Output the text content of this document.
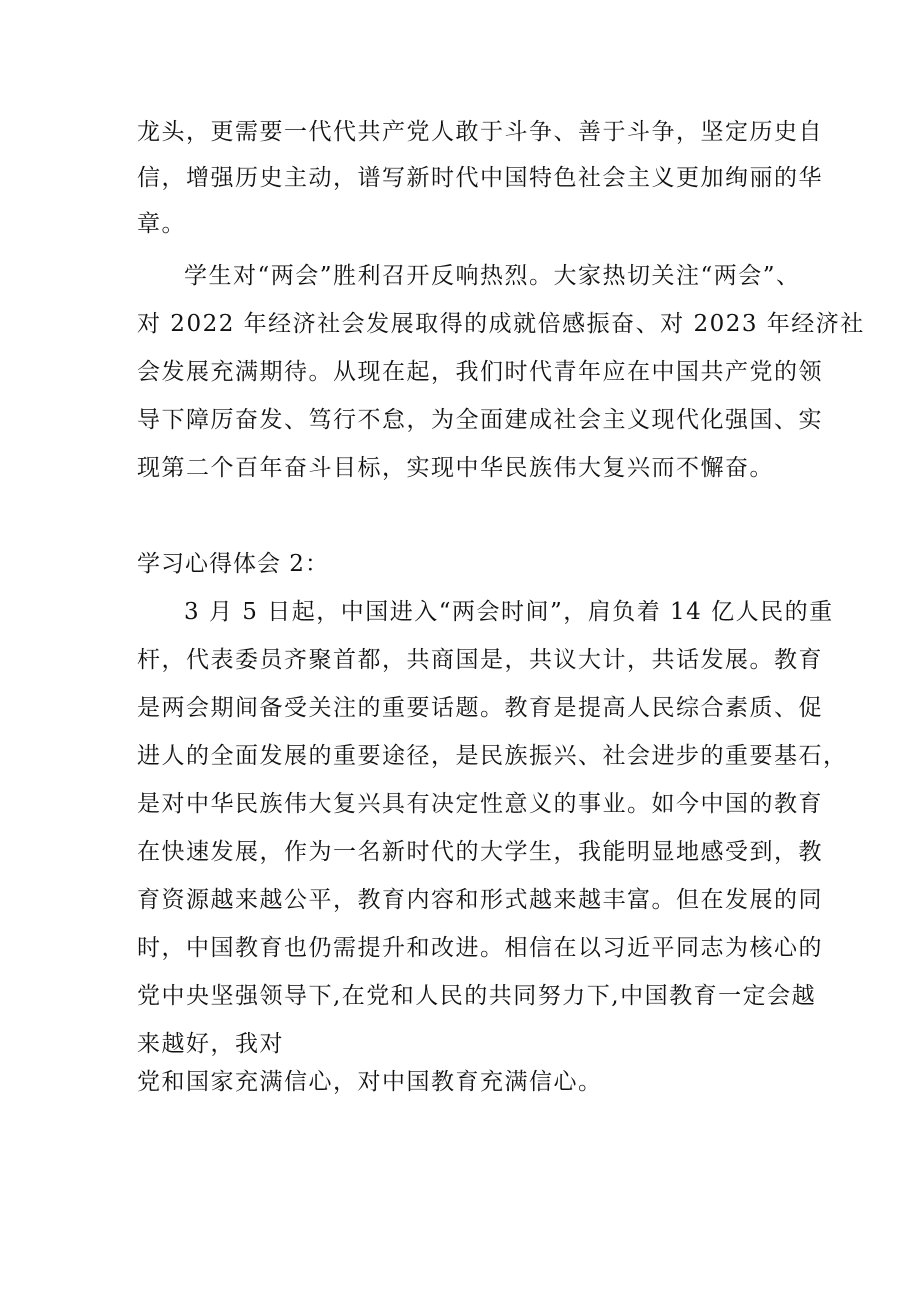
龙头，更需要一代代共产党人敢于斗争、善于斗争，坚定历史自
信，增强历史主动，谱写新时代中国特色社会主义更加绚丽的华
章。
学生对“两会”胜利召开反响热烈。大家热切关注“两会”、
对 2022 年经济社会发展取得的成就倍感振奋、对 2023 年经济社
会发展充满期待。从现在起，我们时代青年应在中国共产党的领
导下障厉奋发、笃行不怠，为全面建成社会主义现代化强国、实
现第二个百年奋斗目标，实现中华民族伟大复兴而不懈奋。
学习心得体会 2：
3 月 5 日起，中国进入“两会时间”，肩负着 14 亿人民的重
杆，代表委员齐聚首都，共商国是，共议大计，共话发展。教育
是两会期间备受关注的重要话题。教育是提高人民综合素质、促
进人的全面发展的重要途径，是民族振兴、社会进步的重要基石，
是对中华民族伟大复兴具有决定性意义的事业。如今中国的教育
在快速发展，作为一名新时代的大学生，我能明显地感受到，教
育资源越来越公平，教育内容和形式越来越丰富。但在发展的同
时，中国教育也仍需提升和改进。相信在以习近平同志为核心的
党中央坚强领导下,在党和人民的共同努力下,中国教育一定会越
来越好，我对
党和国家充满信心，对中国教育充满信心。
